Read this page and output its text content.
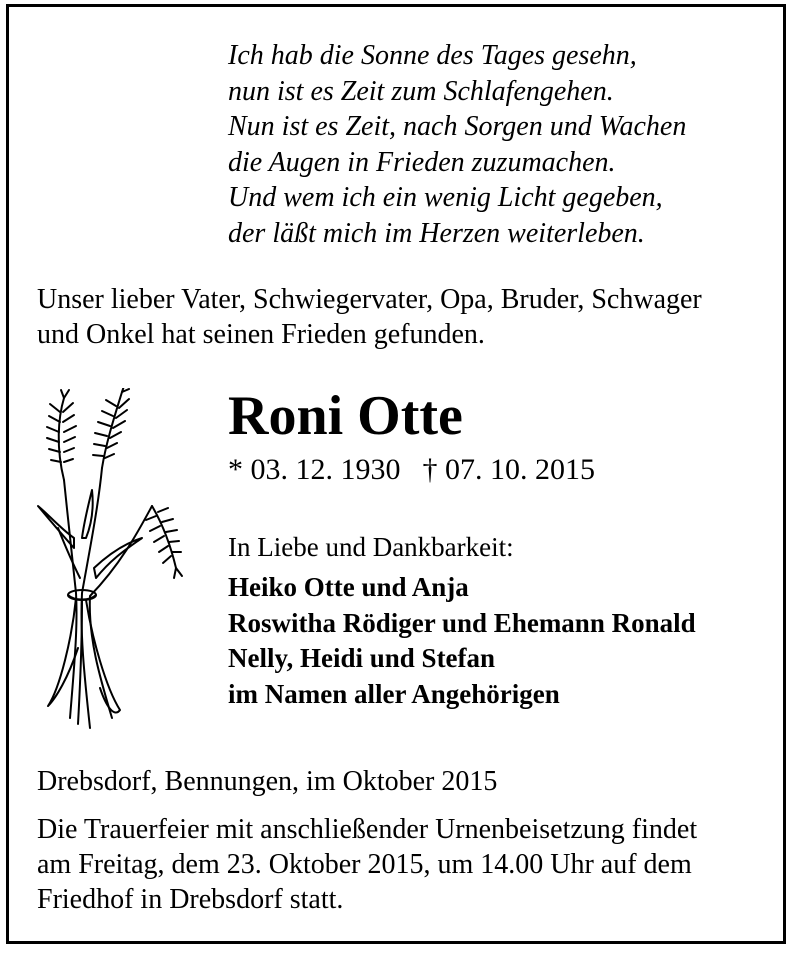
Ich hab die Sonne des Tages gesehn,
nun ist es Zeit zum Schlafengehen.
Nun ist es Zeit, nach Sorgen und Wachen
die Augen in Frieden zuzumachen.
Und wem ich ein wenig Licht gegeben,
der läßt mich im Herzen weiterleben.
Unser lieber Vater, Schwiegervater, Opa, Bruder, Schwager
und Onkel hat seinen Frieden gefunden.
Roni Otte
* 03. 12. 1930 † 07. 10. 2015
In Liebe und Dankbarkeit:
Heiko Otte und Anja
Roswitha Rödiger und Ehemann Ronald
Nelly, Heidi und Stefan
im Namen aller Angehörigen
Drebsdorf, Bennungen, im Oktober 2015
Die Trauerfeier mit anschließender Urnenbeisetzung findet
am Freitag, dem 23. Oktober 2015, um 14.00 Uhr auf dem
Friedhof in Drebsdorf statt.
